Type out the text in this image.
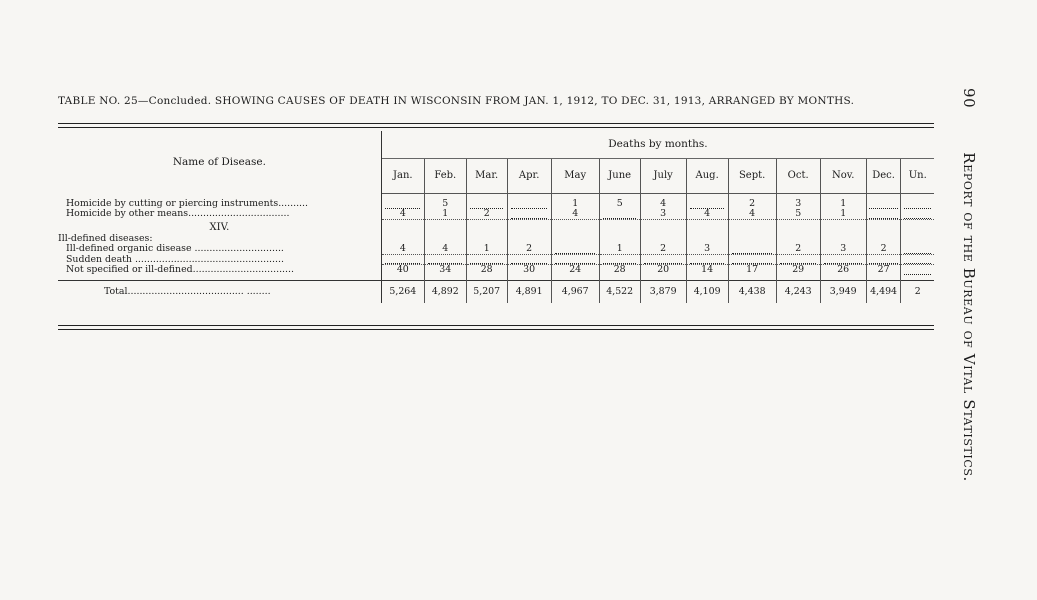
TABLE NO. 25—Concluded. SHOWING CAUSES OF DEATH IN WISCONSIN FROM JAN. 1, 1912, TO DEC. 31, 1913, ARRANGED BY MONTHS.
Name of Disease.	Deaths by months.												
	Jan.	Feb.	Mar.	Apr.	May	June	July	Aug.	Sept.	Oct.	Nov.	Dec.	Un.

Homicide by cutting or piercing instruments..........		5			1	5	4		2	3	1		
Homicide by other means..................................	4	1	2		4		3	4	4	5	1		
XIV.													
Ill-defined diseases:													
Ill-defined organic disease ..............................	4	4	1	2		1	2	3		2	3	2	
Sudden death ..................................................													
Not specified or ill-defined..................................	40	34	28	30	24	28	20	14	17	29	26	27	

Total....................................... ........	5,264	4,892	5,207	4,891	4,967	4,522	3,879	4,109	4,438	4,243	3,949	4,494	2
90Report of the Bureau of Vital Statistics.
